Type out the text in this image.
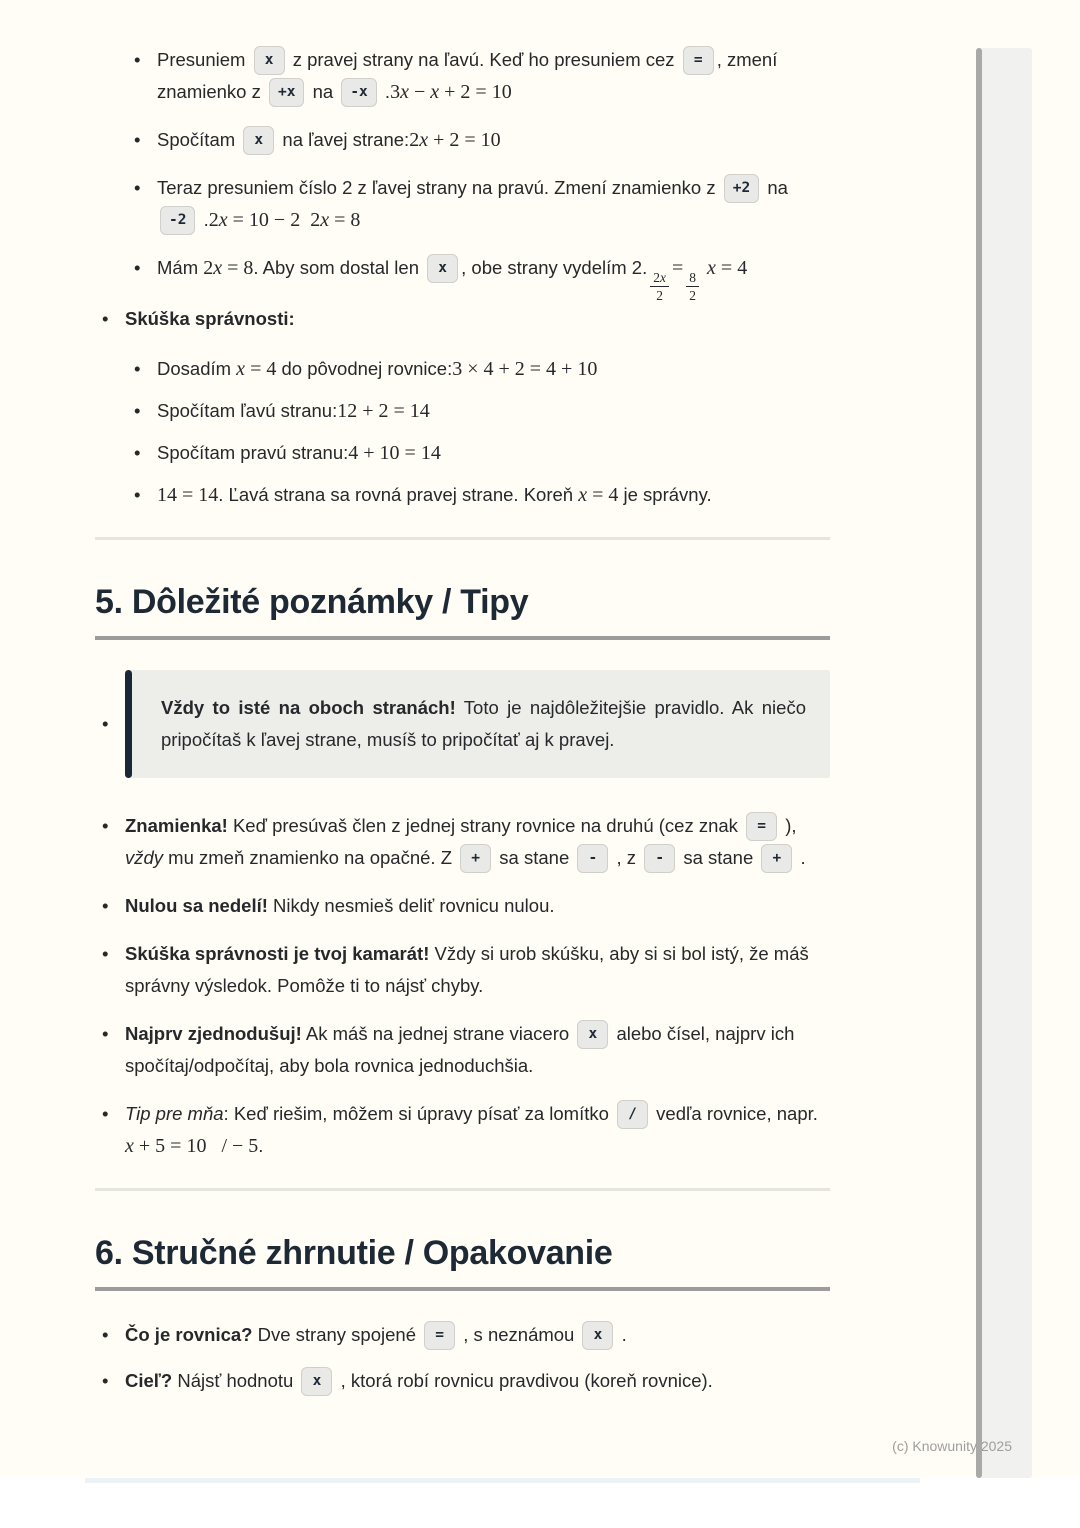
• Presuniem x z pravej strany na ľavú. Keď ho presuniem cez = , zmení znamienko z +x na -x .3x − x + 2 = 10
• Spočítam x na ľavej strane:2x + 2 = 10
• Teraz presuniem číslo 2 z ľavej strany na pravú. Zmení znamienko z +2 na -2 .2x = 10 − 2  2x = 8
• Mám 2x = 8. Aby som dostal len x , obe strany vydelím 2.
$\frac{2x}{2}$
=
$\frac{8}{2}$
x = 4
• Skúška správnosti:
• Dosadím x = 4 do pôvodnej rovnice:3 × 4 + 2 = 4 + 10
• Spočítam ľavú stranu:12 + 2 = 14
• Spočítam pravú stranu:4 + 10 = 14
• 14 = 14. Ľavá strana sa rovná pravej strane. Koreň x = 4 je správny.
5. Dôležité poznámky / Tipy
• Vždy to isté na oboch stranách! Toto je najdôležitejšie pravidlo. Ak niečo pripočítaš k ľavej strane, musíš to pripočítať aj k pravej.
• Znamienka! Keď presúvaš člen z jednej strany rovnice na druhú (cez znak = ), vždy mu zmeň znamienko na opačné. Z + sa stane - , z - sa stane + .
• Nulou sa nedelí! Nikdy nesmieš deliť rovnicu nulou.
• Skúška správnosti je tvoj kamarát! Vždy si urob skúšku, aby si si bol istý, že máš správny výsledok. Pomôže ti to nájsť chyby.
• Najprv zjednodušuj! Ak máš na jednej strane viacero x alebo čísel, najprv ich spočítaj/odpočítaj, aby bola rovnica jednoduchšia.
• Tip pre mňa: Keď riešim, môžem si úpravy písať za lomítko / vedľa rovnice, napr. x + 5 = 10   / − 5.
6. Stručné zhrnutie / Opakovanie
• Čo je rovnica? Dve strany spojené = , s neznámou x .
• Cieľ? Nájsť hodnotu x , ktorá robí rovnicu pravdivou (koreň rovnice).
(c) Knowunity 2025
